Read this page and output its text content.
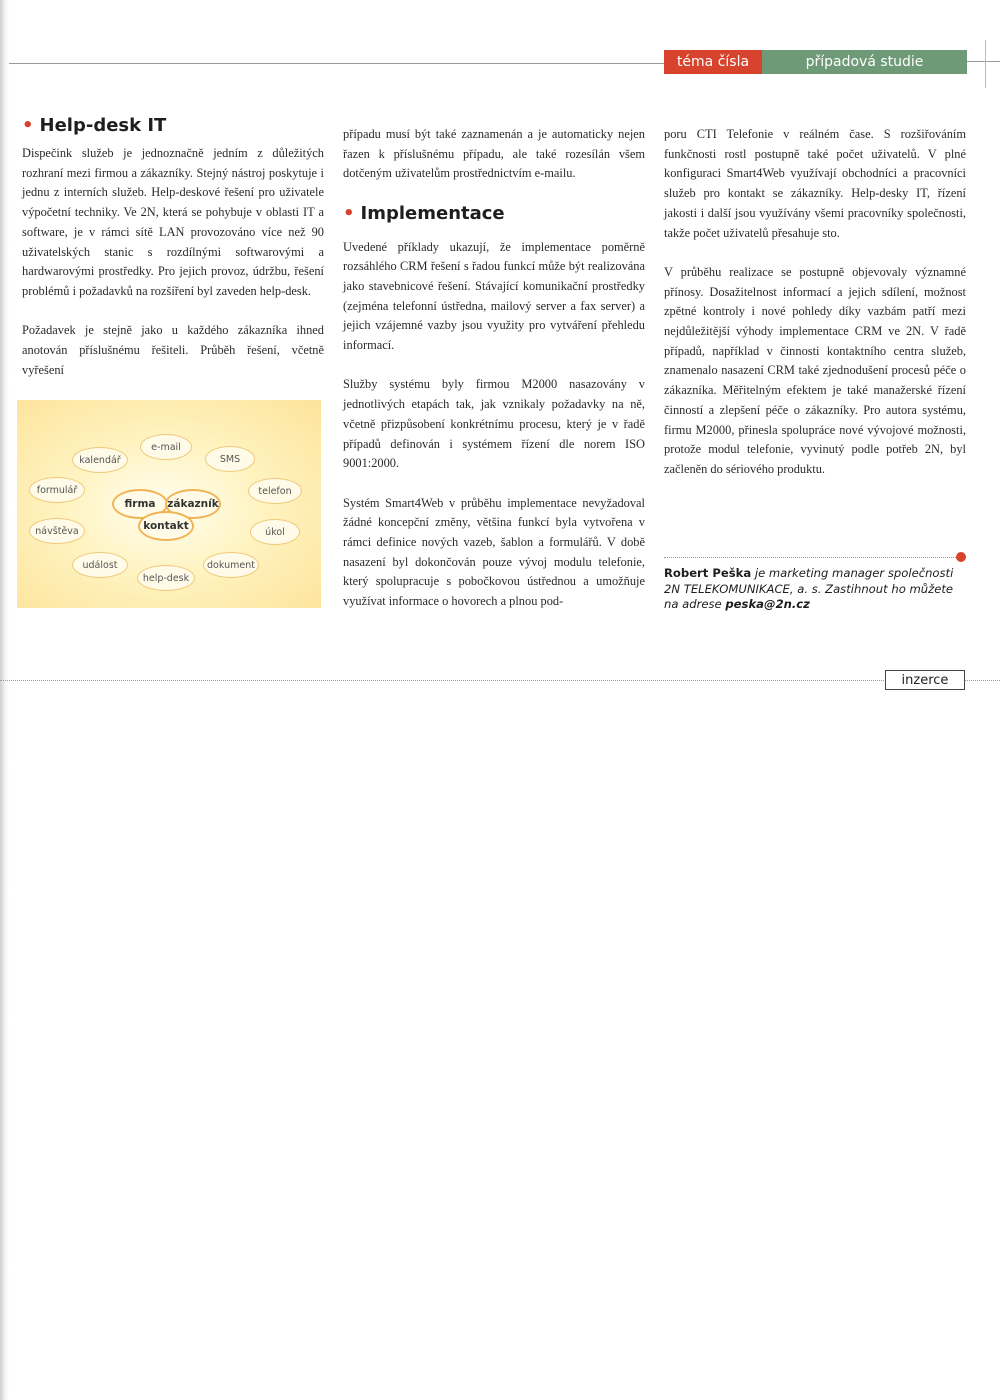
téma čísla	případová studie
• Help-desk IT

Dispečink služeb je jednoznačně jedním z důležitých rozhraní mezi firmou a zákazníky. Stejný nástroj poskytuje i jednu z interních služeb. Help-deskové řešení pro uživatele výpočetní techniky. Ve 2N, která se pohybuje v oblasti IT a software, je v rámci sítě LAN provozováno více než 90 uživatelských stanic s rozdílnými softwarovými a hardwarovými prostředky. Pro jejich provoz, údržbu, řešení problémů i požadavků na rozšíření byl zaveden help-desk.

Požadavek je stejně jako u každého zákazníka ihned anotován příslušnému řešiteli. Průběh řešení, včetně vyřešení

e-mail
kalendář	SMS
formulář	telefon
návštěva	úkol
událost	dokument
help-desk
firma	zákazník
kontakt

případu musí být také zaznamenán a je automaticky nejen řazen k příslušnému případu, ale také rozesílán všem dotčeným uživatelům prostřednictvím e-mailu.

• Implementace

Uvedené příklady ukazují, že implementace poměrně rozsáhlého CRM řešení s řadou funkcí může být realizována jako stavebnicové řešení. Stávající komunikační prostředky (zejména telefonní ústředna, mailový server a fax server) a jejich vzájemné vazby jsou využity pro vytváření přehledu informací.

Služby systému byly firmou M2000 nasazovány v jednotlivých etapách tak, jak vznikaly požadavky na ně, včetně přizpůsobení konkrétnímu procesu, který je v řadě případů definován i systémem řízení dle norem ISO 9001:2000.

Systém Smart4Web v průběhu implementace nevyžadoval žádné koncepční změny, většina funkcí byla vytvořena v rámci definice nových vazeb, šablon a formulářů. V době nasazení byl dokončován pouze vývoj modulu telefonie, který spolupracuje s pobočkovou ústřednou a umožňuje využívat informace o hovorech a plnou pod-

poru CTI Telefonie v reálném čase. S rozšiřováním funkčnosti rostl postupně také počet uživatelů. V plné konfiguraci Smart4Web využívají obchodníci a pracovníci služeb pro kontakt se zákazníky. Help-desky IT, řízení jakosti i další jsou využívány všemi pracovníky společnosti, takže počet uživatelů přesahuje sto.

V průběhu realizace se postupně objevovaly významné přínosy. Dosažitelnost informací a jejich sdílení, možnost zpětné kontroly i nové pohledy díky vazbám patří mezi nejdůležitější výhody implementace CRM ve 2N. V řadě případů, například v činnosti kontaktního centra služeb, znamenalo nasazení CRM také zjednodušení procesů péče o zákazníka. Měřitelným efektem je také manažerské řízení činností a zlepšení péče o zákazníky. Pro autora systému, firmu M2000, přinesla spolupráce nové vývojové možnosti, protože modul telefonie, vyvinutý podle potřeb 2N, byl začleněn do sériového produktu.

Robert Peška je marketing manager společnosti 2N TELEKOMUNIKACE, a. s. Zastihnout ho můžete na adrese peska@2n.cz
inzerce
